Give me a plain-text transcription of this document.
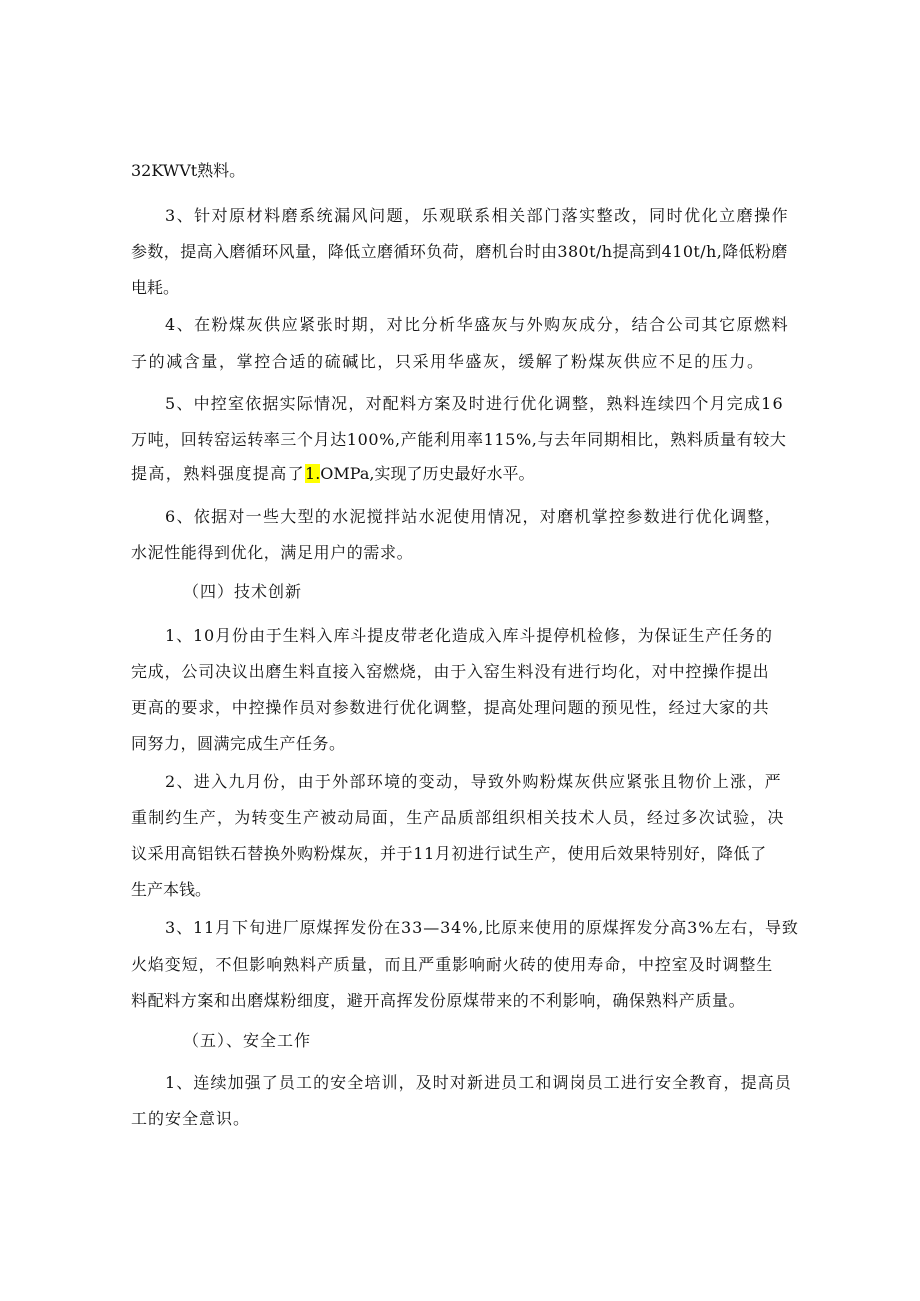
32KWVt熟料。
3、针对原材料磨系统漏风问题，乐观联系相关部门落实整改，同时优化立磨操作
参数，提高入磨循环风量，降低立磨循环负荷，磨机台时由380t/h提高到410t/h,降低粉磨
电耗。
4、在粉煤灰供应紧张时期，对比分析华盛灰与外购灰成分，结合公司其它原燃料
子的减含量，掌控合适的硫碱比，只采用华盛灰，缓解了粉煤灰供应不足的压力。
5、中控室依据实际情况，对配料方案及时进行优化调整，熟料连续四个月完成16
万吨，回转窑运转率三个月达100%,产能利用率115%,与去年同期相比，熟料质量有较大
提高，熟料强度提高了1.OMPa,实现了历史最好水平。
6、依据对一些大型的水泥搅拌站水泥使用情况，对磨机掌控参数进行优化调整，
水泥性能得到优化，满足用户的需求。
（四）技术创新
1、10月份由于生料入库斗提皮带老化造成入库斗提停机检修，为保证生产任务的
完成，公司决议出磨生料直接入窑燃烧，由于入窑生料没有进行均化，对中控操作提出
更高的要求，中控操作员对参数进行优化调整，提高处理问题的预见性，经过大家的共
同努力，圆满完成生产任务。
2、进入九月份，由于外部环境的变动，导致外购粉煤灰供应紧张且物价上涨，严
重制约生产，为转变生产被动局面，生产品质部组织相关技术人员，经过多次试验，决
议采用高铝铁石替换外购粉煤灰，并于11月初进行试生产，使用后效果特别好，降低了
生产本钱。
3、11月下旬进厂原煤挥发份在33—34%,比原来使用的原煤挥发分高3%左右，导致
火焰变短，不但影响熟料产质量，而且严重影响耐火砖的使用寿命，中控室及时调整生
料配料方案和出磨煤粉细度，避开高挥发份原煤带来的不利影响，确保熟料产质量。
（五）、安全工作
1、连续加强了员工的安全培训，及时对新进员工和调岗员工进行安全教育，提高员
工的安全意识。
